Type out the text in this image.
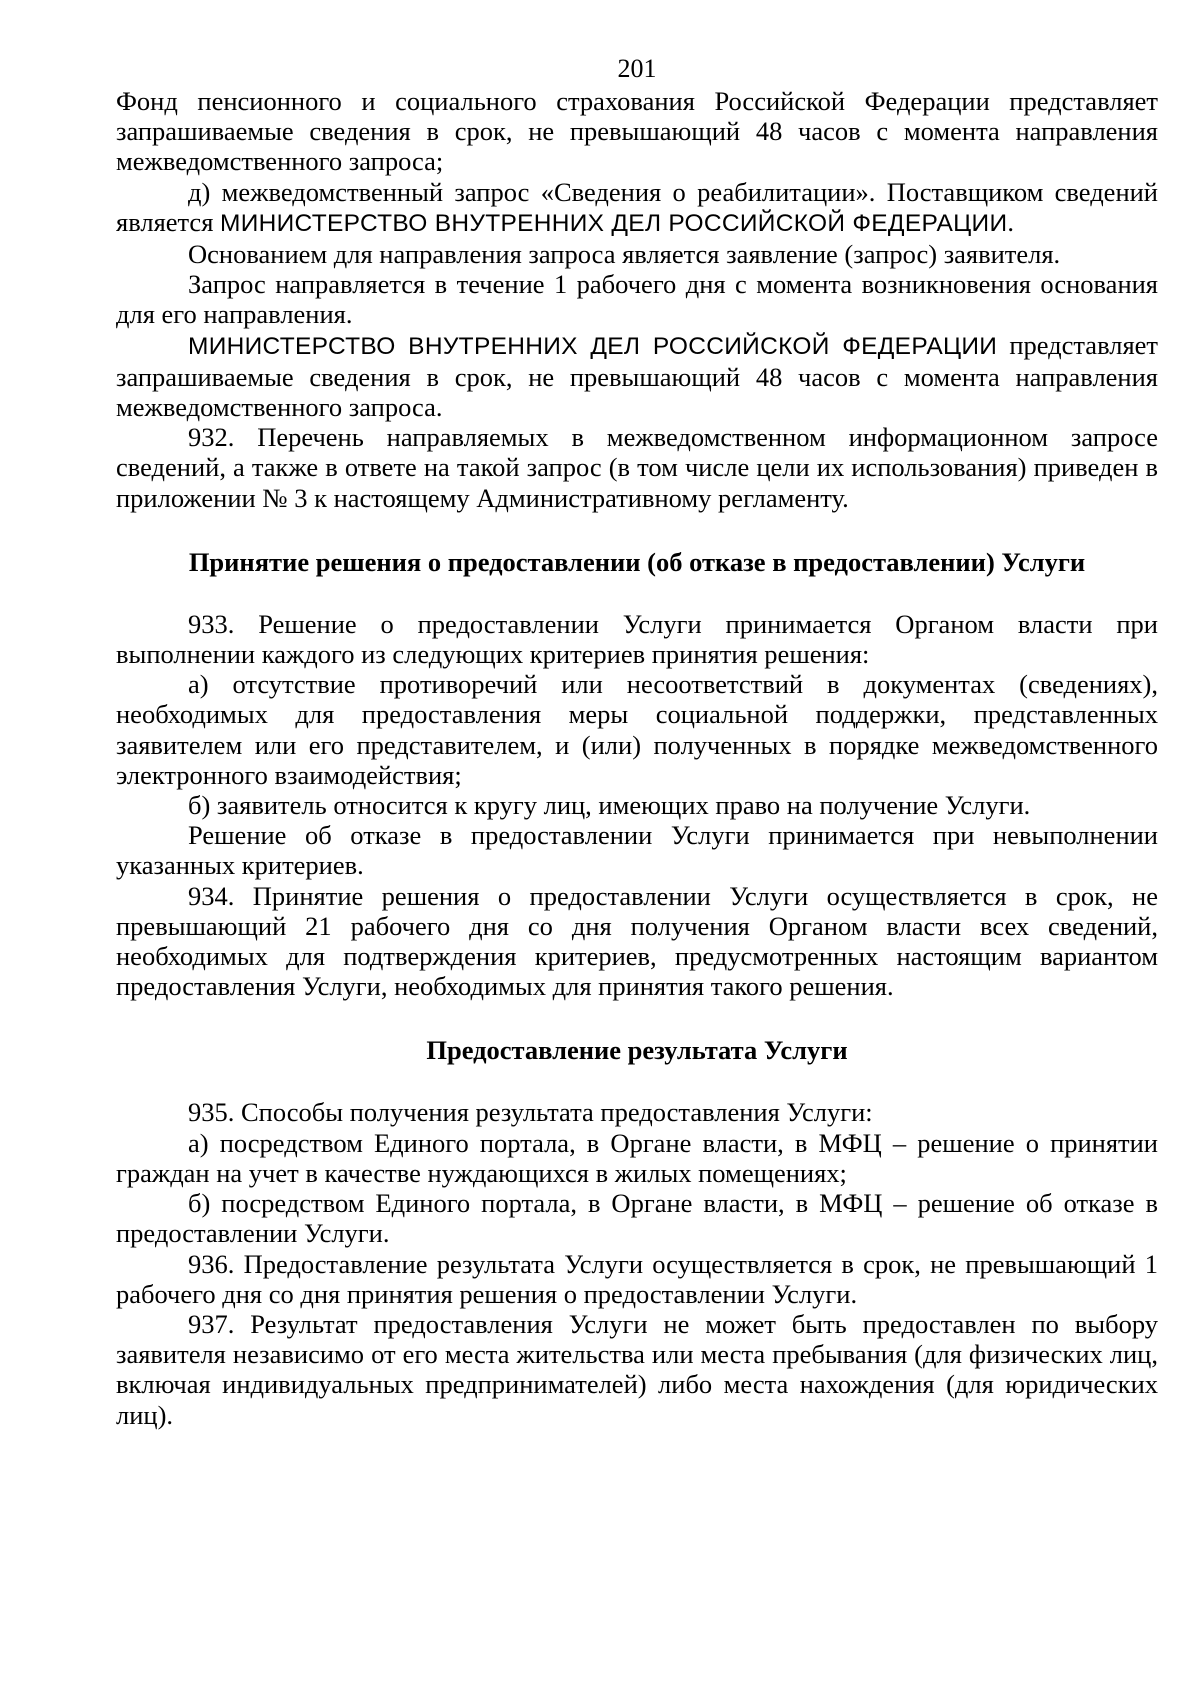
201

Фонд пенсионного и социального страхования Российской Федерации представляет запрашиваемые сведения в срок, не превышающий 48 часов с момента направления межведомственного запроса;

д) межведомственный запрос «Сведения о реабилитации». Поставщиком сведений является МИНИСТЕРСТВО ВНУТРЕННИХ ДЕЛ РОССИЙСКОЙ ФЕДЕРАЦИИ.

Основанием для направления запроса является заявление (запрос) заявителя.

Запрос направляется в течение 1 рабочего дня с момента возникновения основания для его направления.

МИНИСТЕРСТВО ВНУТРЕННИХ ДЕЛ РОССИЙСКОЙ ФЕДЕРАЦИИ представляет запрашиваемые сведения в срок, не превышающий 48 часов с момента направления межведомственного запроса.

932. Перечень направляемых в межведомственном информационном запросе сведений, а также в ответе на такой запрос (в том числе цели их использования) приведен в приложении № 3 к настоящему Административному регламенту.

Принятие решения о предоставлении (об отказе в предоставлении) Услуги

933. Решение о предоставлении Услуги принимается Органом власти при выполнении каждого из следующих критериев принятия решения:

а) отсутствие противоречий или несоответствий в документах (сведениях), необходимых для предоставления меры социальной поддержки, представленных заявителем или его представителем, и (или) полученных в порядке межведомственного электронного взаимодействия;

б) заявитель относится к кругу лиц, имеющих право на получение Услуги.

Решение об отказе в предоставлении Услуги принимается при невыполнении указанных критериев.

934. Принятие решения о предоставлении Услуги осуществляется в срок, не превышающий 21 рабочего дня со дня получения Органом власти всех сведений, необходимых для подтверждения критериев, предусмотренных настоящим вариантом предоставления Услуги, необходимых для принятия такого решения.

Предоставление результата Услуги

935. Способы получения результата предоставления Услуги:

а) посредством Единого портала, в Органе власти, в МФЦ – решение о принятии граждан на учет в качестве нуждающихся в жилых помещениях;

б) посредством Единого портала, в Органе власти, в МФЦ – решение об отказе в предоставлении Услуги.

936. Предоставление результата Услуги осуществляется в срок, не превышающий 1 рабочего дня со дня принятия решения о предоставлении Услуги.

937. Результат предоставления Услуги не может быть предоставлен по выбору заявителя независимо от его места жительства или места пребывания (для физических лиц, включая индивидуальных предпринимателей) либо места нахождения (для юридических лиц).
